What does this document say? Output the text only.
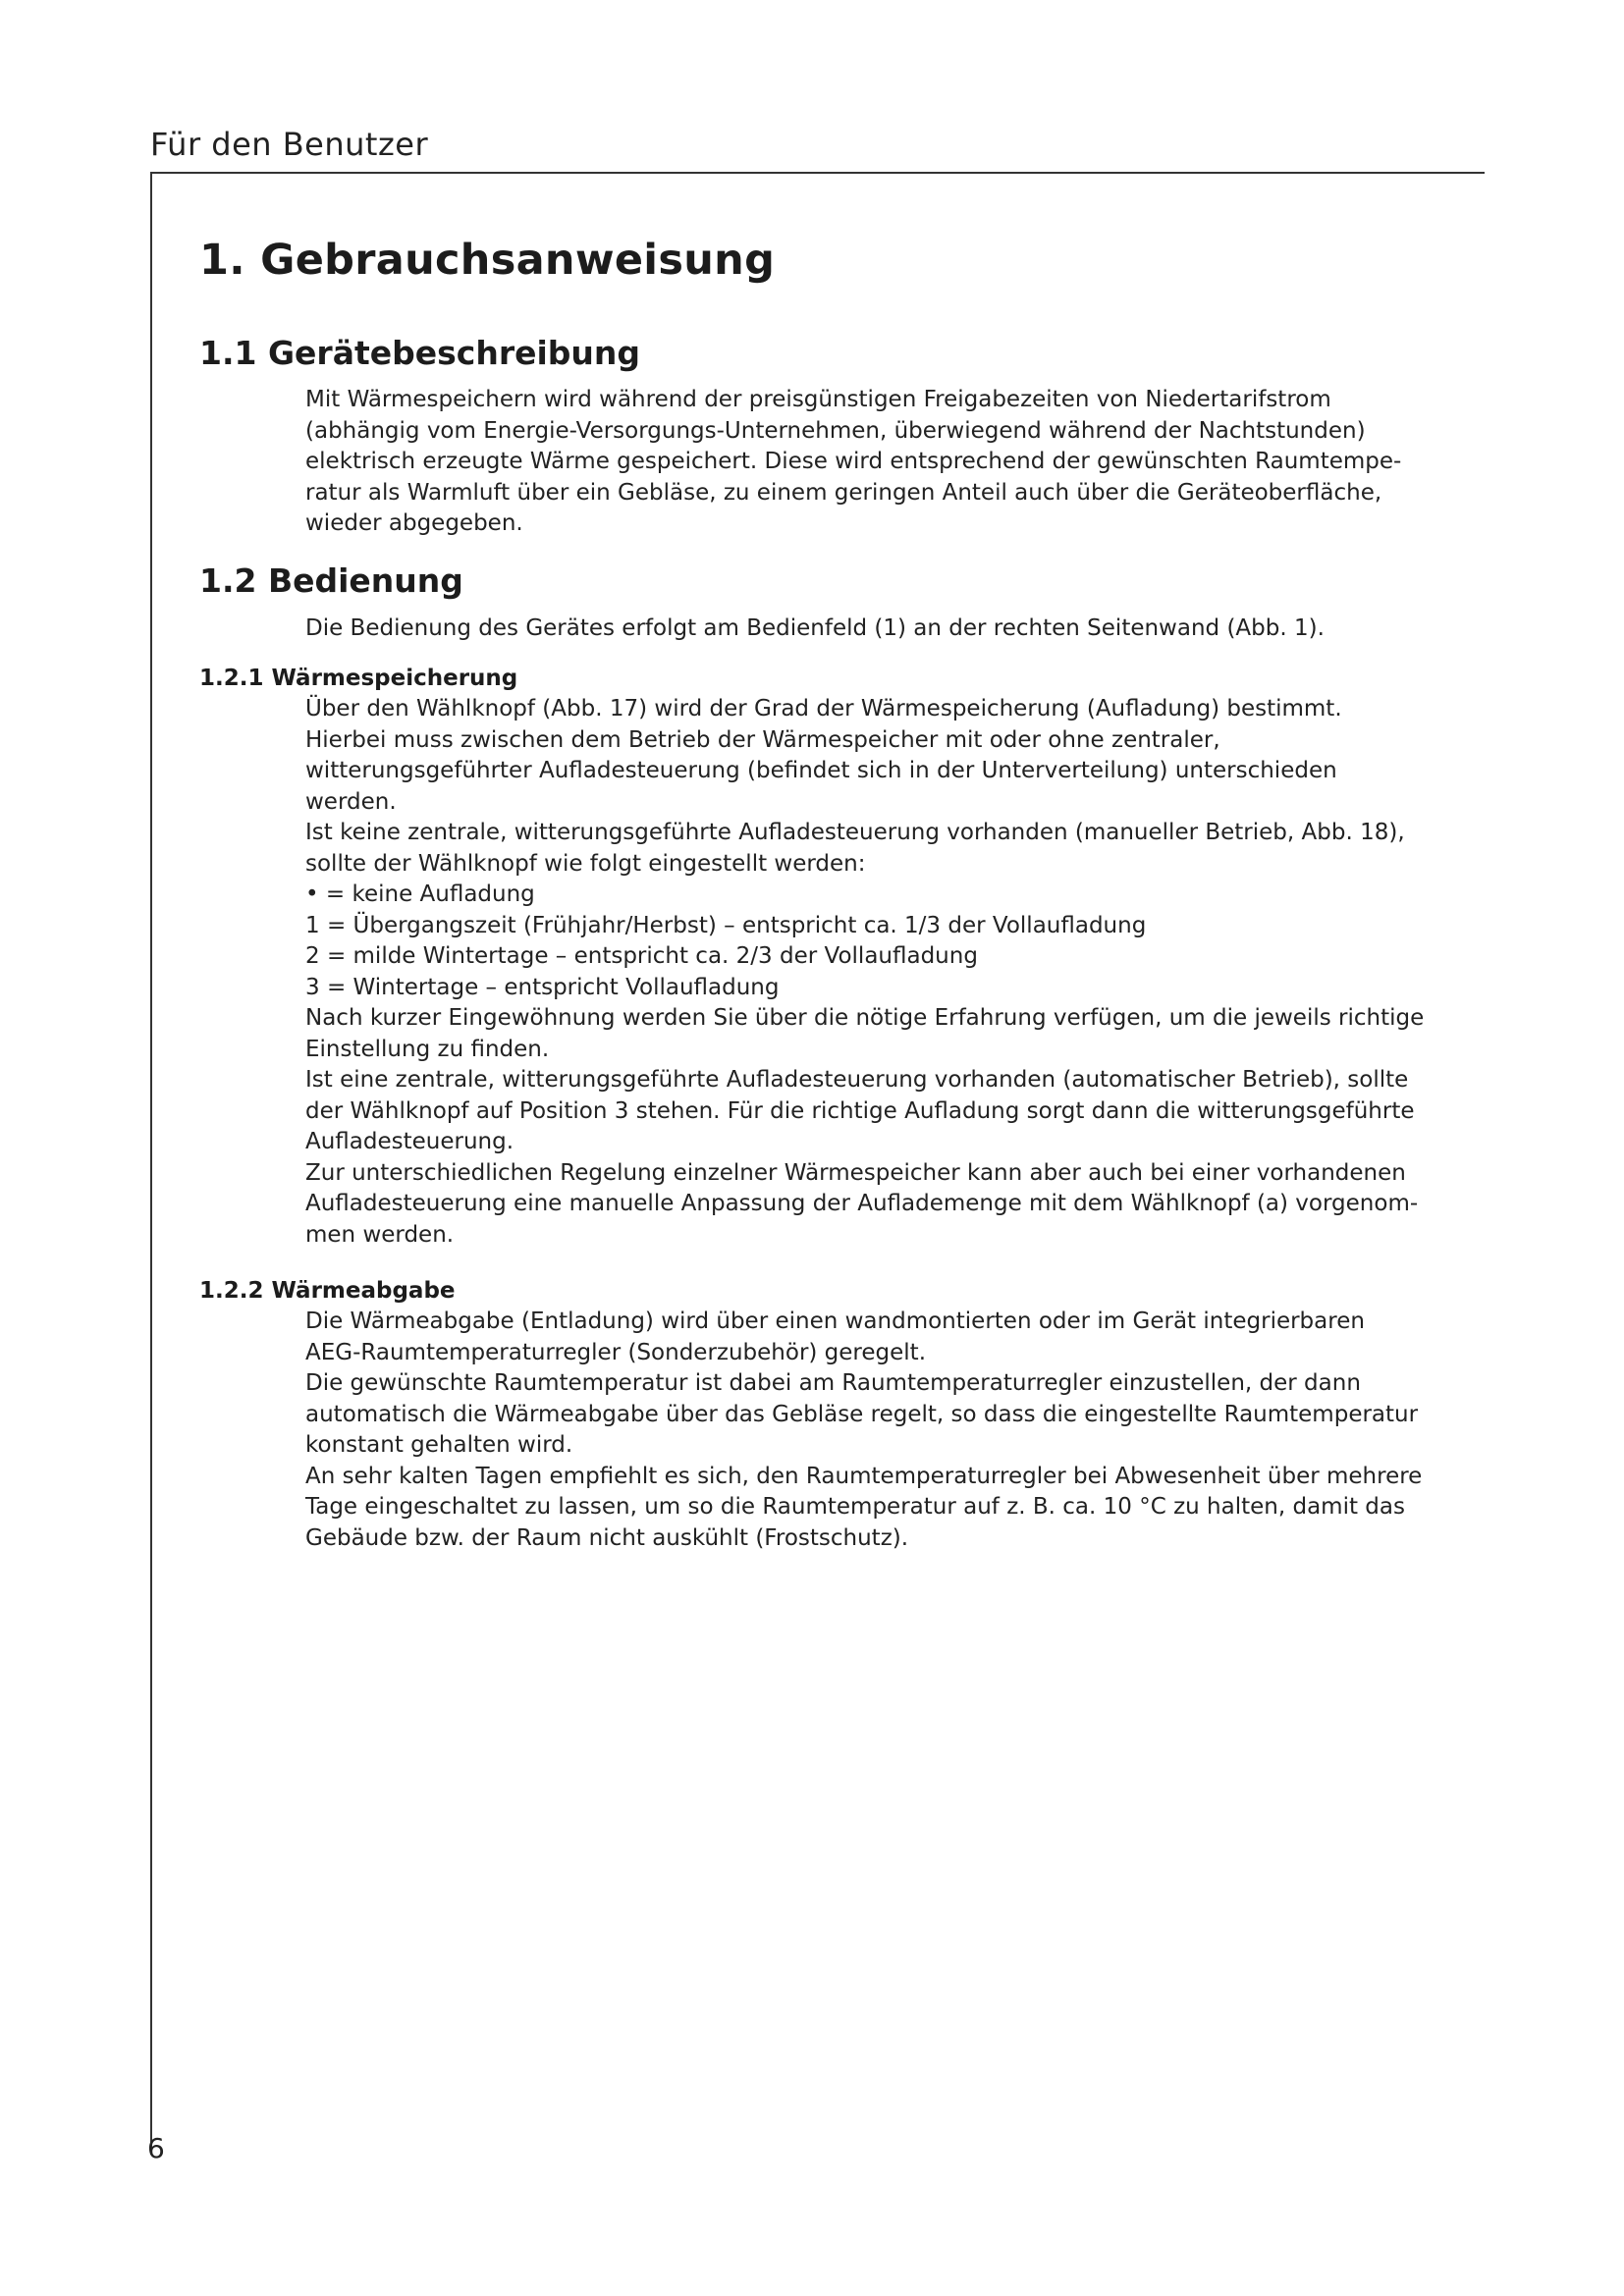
Für den Benutzer
1. Gebrauchsanweisung
1.1 Gerätebeschreibung
Mit Wärmespeichern wird während der preisgünstigen Freigabezeiten von Niedertarifstrom
(abhängig vom Energie-Versorgungs-Unternehmen, überwiegend während der Nachtstunden)
elektrisch erzeugte Wärme gespeichert. Diese wird entsprechend der gewünschten Raumtempe-
ratur als Warmluft über ein Gebläse, zu einem geringen Anteil auch über die Geräteoberfläche,
wieder abgegeben.
1.2 Bedienung
Die Bedienung des Gerätes erfolgt am Bedienfeld (1) an der rechten Seitenwand (Abb. 1).
1.2.1 Wärmespeicherung
Über den Wählknopf (Abb. 17) wird der Grad der Wärmespeicherung (Aufladung) bestimmt.
Hierbei muss zwischen dem Betrieb der Wärmespeicher mit oder ohne zentraler,
witterungsgeführter Aufladesteuerung (befindet sich in der Unterverteilung) unterschieden
werden.
Ist keine zentrale, witterungsgeführte Aufladesteuerung vorhanden (manueller Betrieb, Abb. 18),
sollte der Wählknopf wie folgt eingestellt werden:
• = keine Aufladung
1 = Übergangszeit (Frühjahr/Herbst) – entspricht ca. 1/3 der Vollaufladung
2 = milde Wintertage – entspricht ca. 2/3 der Vollaufladung
3 = Wintertage – entspricht Vollaufladung
Nach kurzer Eingewöhnung werden Sie über die nötige Erfahrung verfügen, um die jeweils richtige
Einstellung zu finden.
Ist eine zentrale, witterungsgeführte Aufladesteuerung vorhanden (automatischer Betrieb), sollte
der Wählknopf auf Position 3 stehen. Für die richtige Aufladung sorgt dann die witterungsgeführte
Aufladesteuerung.
Zur unterschiedlichen Regelung einzelner Wärmespeicher kann aber auch bei einer vorhandenen
Aufladesteuerung eine manuelle Anpassung der Auflademenge mit dem Wählknopf (a) vorgenom-
men werden.
1.2.2 Wärmeabgabe
Die Wärmeabgabe (Entladung) wird über einen wandmontierten oder im Gerät integrierbaren
AEG-Raumtemperaturregler (Sonderzubehör) geregelt.
Die gewünschte Raumtemperatur ist dabei am Raumtemperaturregler einzustellen, der dann
automatisch die Wärmeabgabe über das Gebläse regelt, so dass die eingestellte Raumtemperatur
konstant gehalten wird.
An sehr kalten Tagen empfiehlt es sich, den Raumtemperaturregler bei Abwesenheit über mehrere
Tage eingeschaltet zu lassen, um so die Raumtemperatur auf z. B. ca. 10 °C zu halten, damit das
Gebäude bzw. der Raum nicht auskühlt (Frostschutz).
6
